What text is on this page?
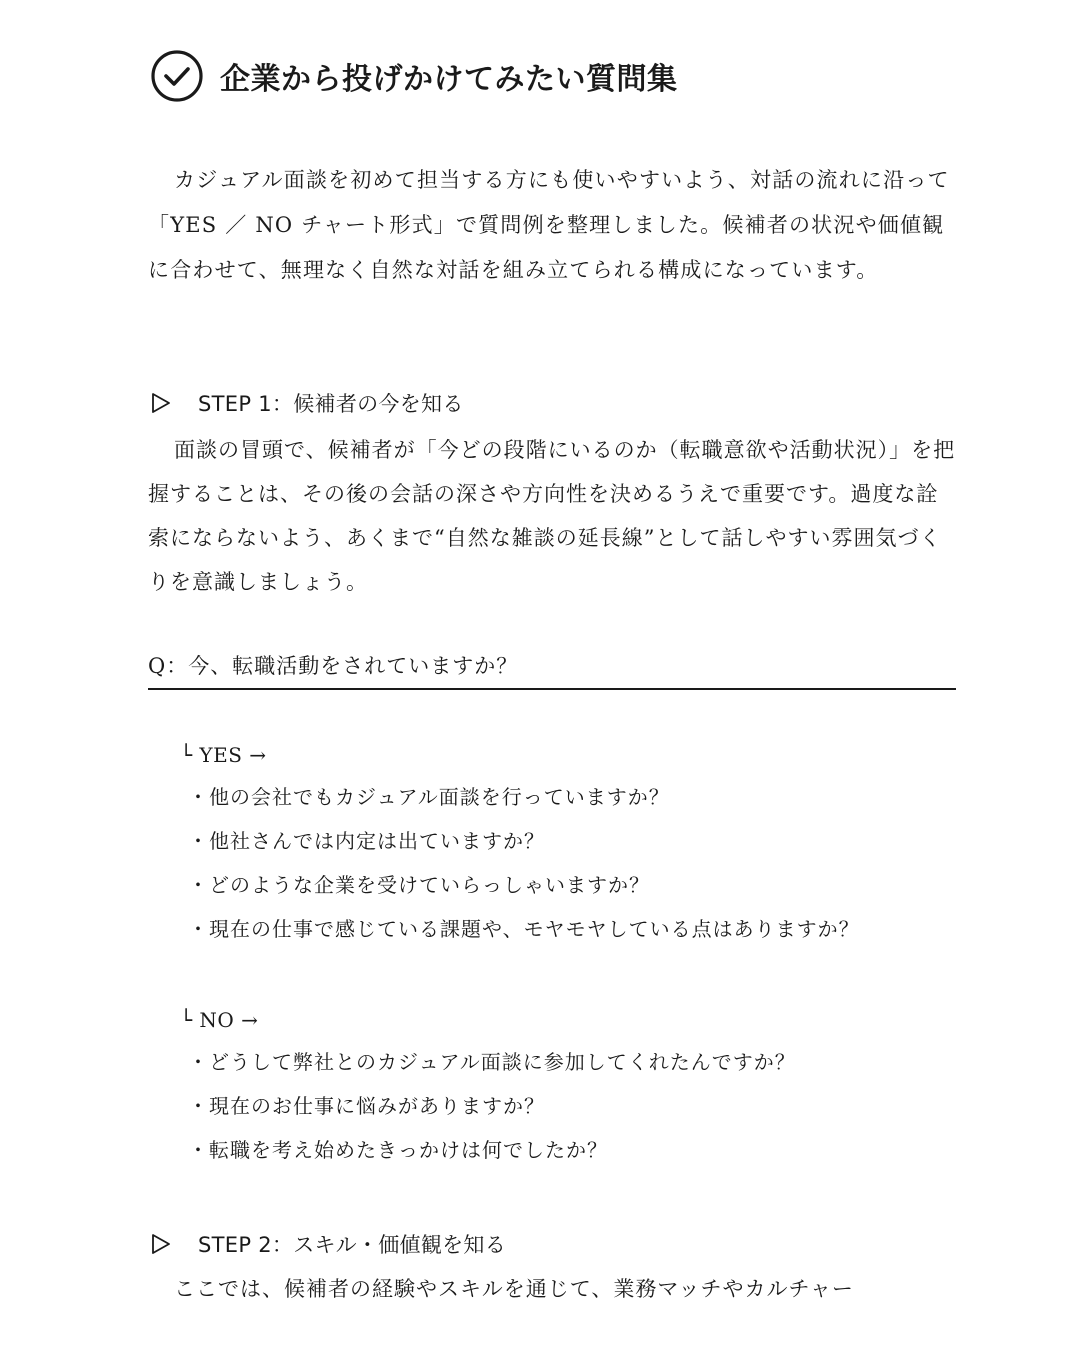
企業から投げかけてみたい質問集

カジュアル面談を初めて担当する方にも使いやすいよう、対話の流れに沿って「YES ／ NO チャート形式」で質問例を整理しました。候補者の状況や価値観に合わせて、無理なく自然な対話を組み立てられる構成になっています。

STEP 1：候補者の今を知る

面談の冒頭で、候補者が「今どの段階にいるのか（転職意欲や活動状況）」を把握することは、その後の会話の深さや方向性を決めるうえで重要です。過度な詮索にならないよう、あくまで“自然な雑談の延長線”として話しやすい雰囲気づくりを意識しましょう。

Q：今、転職活動をされていますか？
└ YES →
・ 他の会社でもカジュアル面談を行っていますか？
・ 他社さんでは内定は出ていますか？
・ どのような企業を受けていらっしゃいますか？
・ 現在の仕事で感じている課題や、モヤモヤしている点はありますか？
└ NO →
・ どうして弊社とのカジュアル面談に参加してくれたんですか？
・ 現在のお仕事に悩みがありますか？
・ 転職を考え始めたきっかけは何でしたか？
STEP 2：スキル・価値観を知る

ここでは、候補者の経験やスキルを通じて、業務マッチやカルチャー
